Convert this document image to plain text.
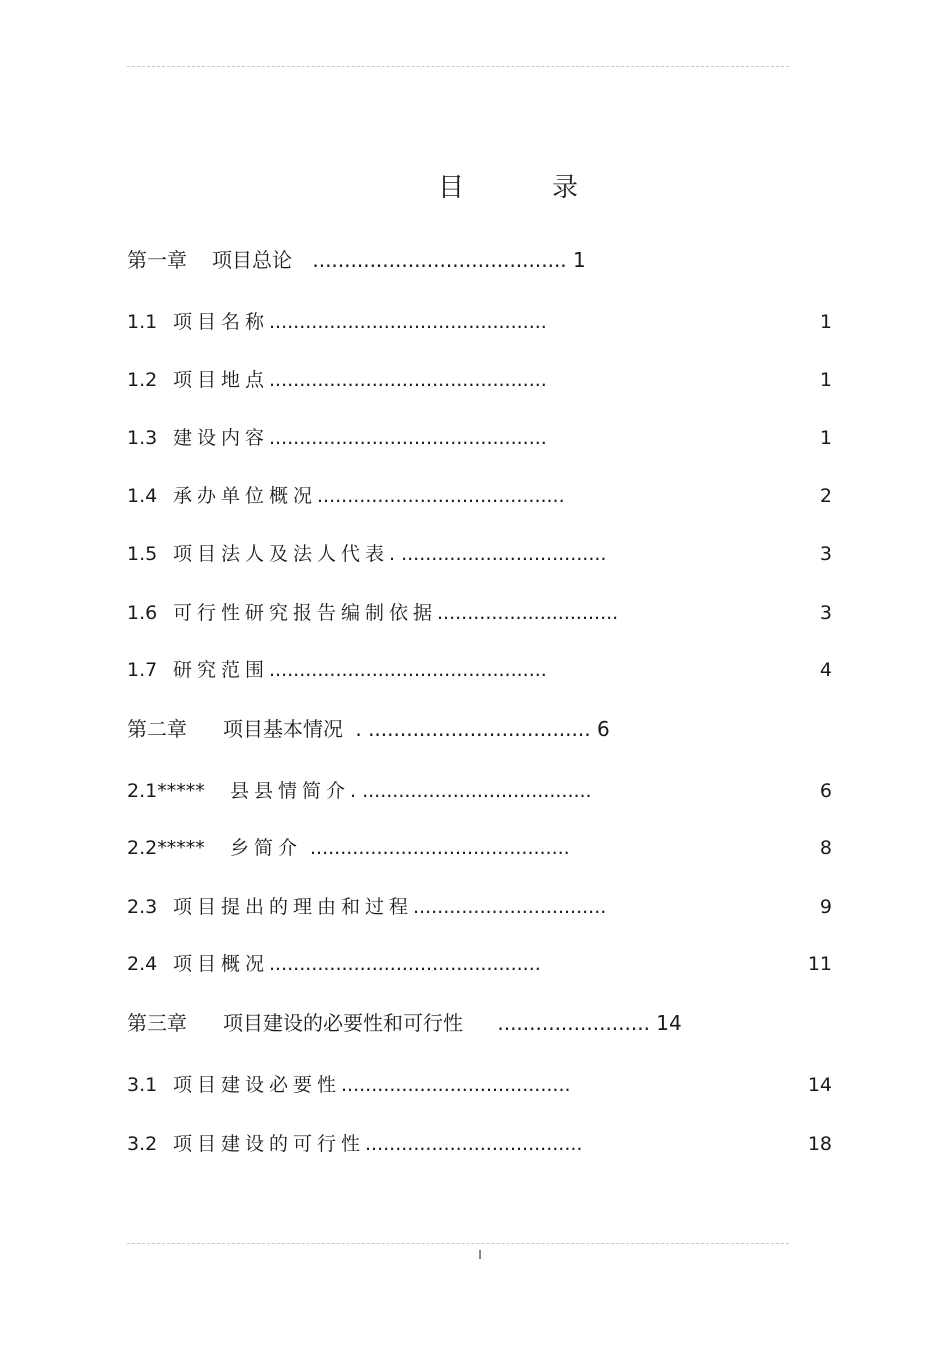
目	录
第一章 项目总论 ........................................ 1
1.1 项目名称..............................................	1
1.2 项目地点..............................................	1
1.3 建设内容..............................................	1
1.4 承办单位概况.........................................	2
1.5 项目法人及法人代表. ..................................	3
1.6 可行性研究报告编制依据..............................	3
1.7 研究范围..............................................	4
第二章 项目基本情况 . ................................... 6
2.1***** 县县情简介. ......................................	6
2.2***** 乡简介 ...........................................	8
2.3 项目提出的理由和过程................................	9
2.4 项目概况.............................................	11
第三章 项目建设的必要性和可行性 ........................ 14
3.1 项目建设必要性......................................	14
3.2 项目建设的可行性....................................	18
I
